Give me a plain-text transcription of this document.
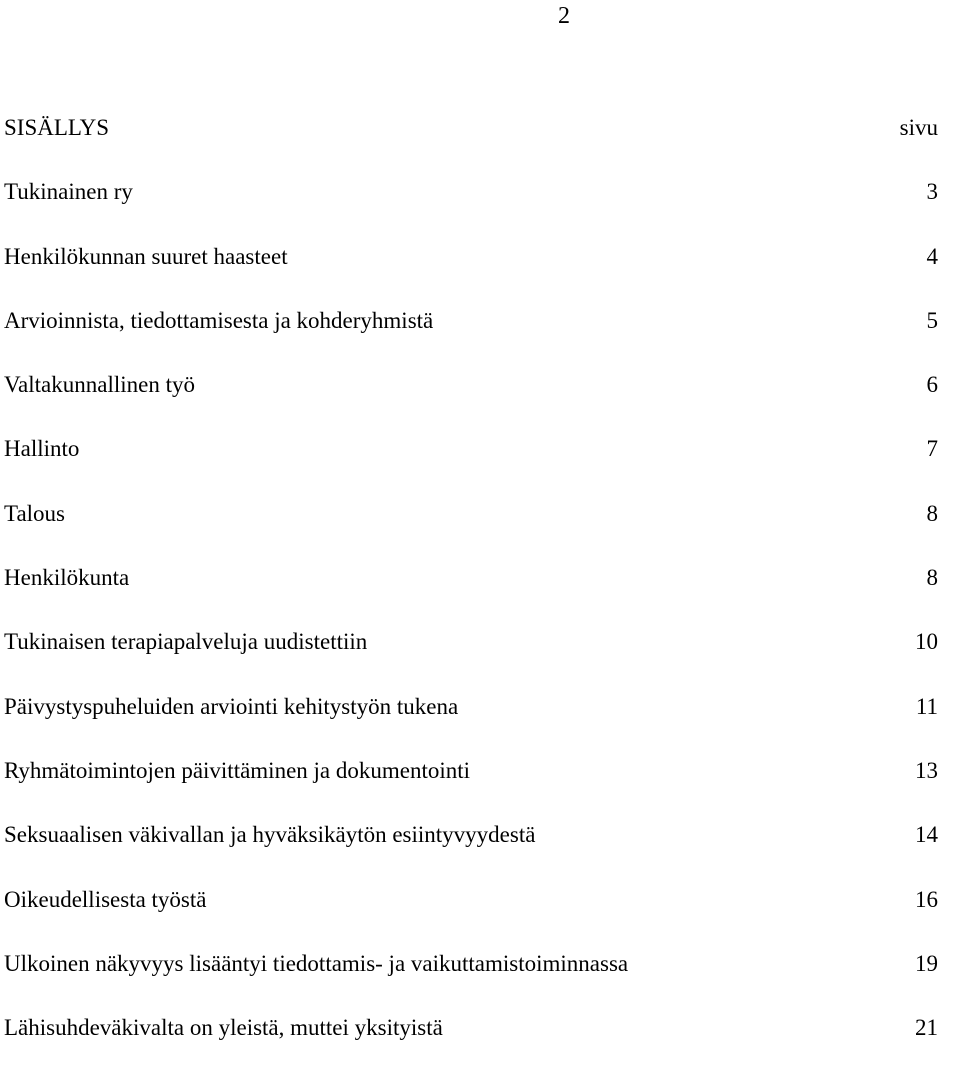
2
SISÄLLYS	sivu
Tukinainen ry	3
Henkilökunnan suuret haasteet	4
Arvioinnista, tiedottamisesta ja kohderyhmistä	5
Valtakunnallinen työ	6
Hallinto	7
Talous	8
Henkilökunta	8
Tukinaisen terapiapalveluja uudistettiin	10
Päivystyspuheluiden arviointi kehitystyön tukena	11
Ryhmätoimintojen päivittäminen ja dokumentointi	13
Seksuaalisen väkivallan ja hyväksikäytön esiintyvyydestä	14
Oikeudellisesta työstä	16
Ulkoinen näkyvyys lisääntyi tiedottamis- ja vaikuttamistoiminnassa	19
Lähisuhdeväkivalta on yleistä, muttei yksityistä	21
